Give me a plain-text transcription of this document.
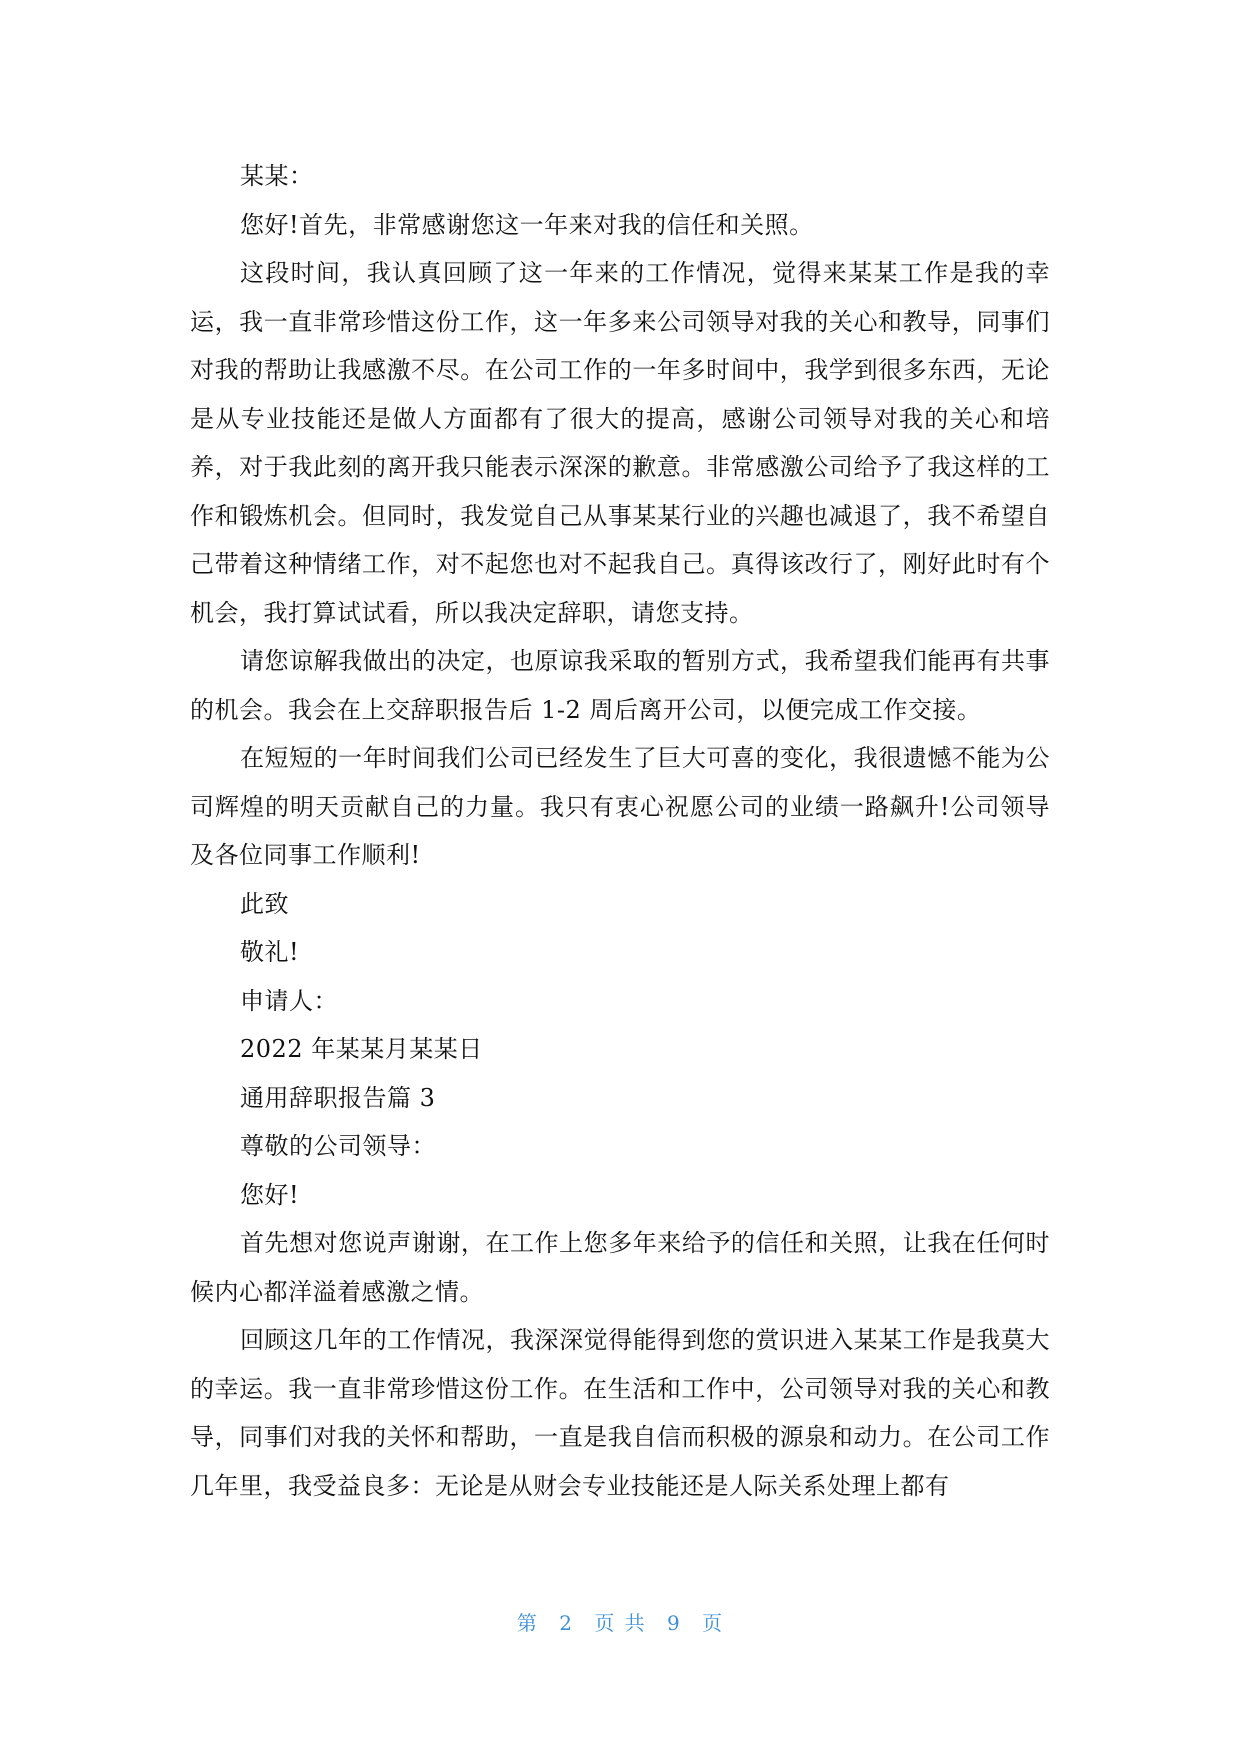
某某：

您好!首先，非常感谢您这一年来对我的信任和关照。

这段时间，我认真回顾了这一年来的工作情况，觉得来某某工作是我的幸运，我一直非常珍惜这份工作，这一年多来公司领导对我的关心和教导，同事们对我的帮助让我感激不尽。在公司工作的一年多时间中，我学到很多东西，无论是从专业技能还是做人方面都有了很大的提高，感谢公司领导对我的关心和培养，对于我此刻的离开我只能表示深深的歉意。非常感激公司给予了我这样的工作和锻炼机会。但同时，我发觉自己从事某某行业的兴趣也减退了，我不希望自己带着这种情绪工作，对不起您也对不起我自己。真得该改行了，刚好此时有个机会，我打算试试看，所以我决定辞职，请您支持。

请您谅解我做出的决定，也原谅我采取的暂别方式，我希望我们能再有共事的机会。我会在上交辞职报告后 1-2 周后离开公司，以便完成工作交接。

在短短的一年时间我们公司已经发生了巨大可喜的变化，我很遗憾不能为公司辉煌的明天贡献自己的力量。我只有衷心祝愿公司的业绩一路飙升!公司领导及各位同事工作顺利!

此致

敬礼!

申请人：

2022 年某某月某某日

通用辞职报告篇 3

尊敬的公司领导：

您好!

首先想对您说声谢谢，在工作上您多年来给予的信任和关照，让我在任何时候内心都洋溢着感激之情。

回顾这几年的工作情况，我深深觉得能得到您的赏识进入某某工作是我莫大的幸运。我一直非常珍惜这份工作。在生活和工作中，公司领导对我的关心和教导，同事们对我的关怀和帮助，一直是我自信而积极的源泉和动力。在公司工作几年里，我受益良多：无论是从财会专业技能还是人际关系处理上都有

第 2 页 共 9 页
